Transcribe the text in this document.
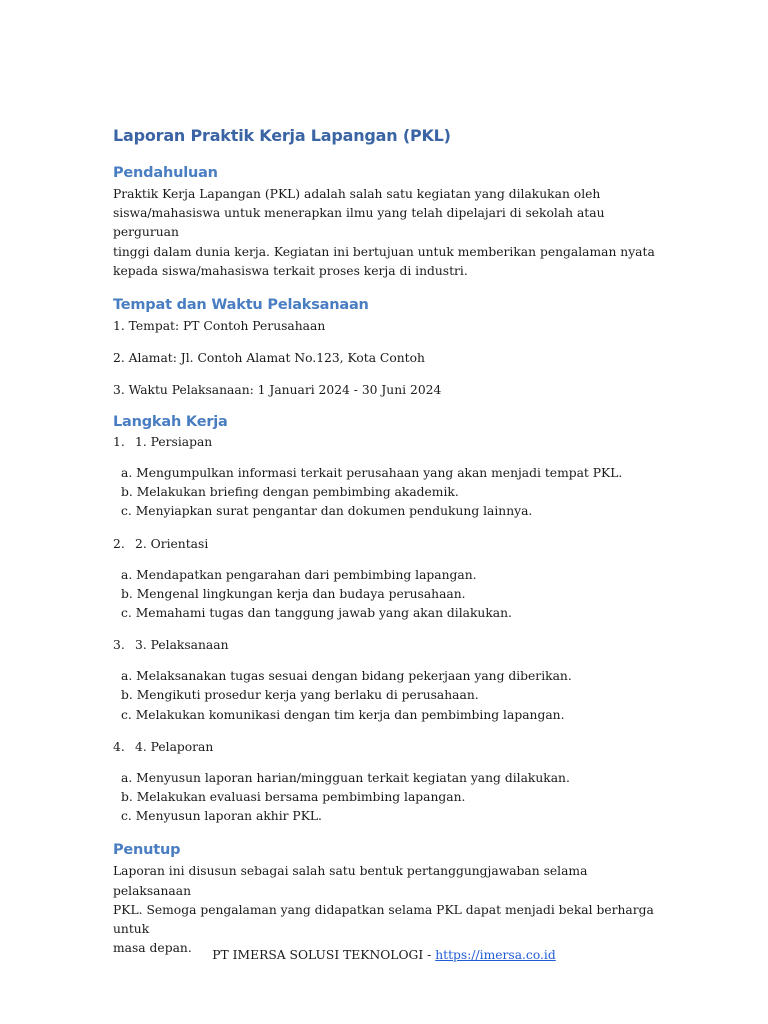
Laporan Praktik Kerja Lapangan (PKL)
Pendahuluan
Praktik Kerja Lapangan (PKL) adalah salah satu kegiatan yang dilakukan oleh
siswa/mahasiswa untuk menerapkan ilmu yang telah dipelajari di sekolah atau perguruan
tinggi dalam dunia kerja. Kegiatan ini bertujuan untuk memberikan pengalaman nyata
kepada siswa/mahasiswa terkait proses kerja di industri.
Tempat dan Waktu Pelaksanaan
1. Tempat: PT Contoh Perusahaan
2. Alamat: Jl. Contoh Alamat No.123, Kota Contoh
3. Waktu Pelaksanaan: 1 Januari 2024 - 30 Juni 2024
Langkah Kerja
1. 1. Persiapan
a. Mengumpulkan informasi terkait perusahaan yang akan menjadi tempat PKL.
b. Melakukan briefing dengan pembimbing akademik.
c. Menyiapkan surat pengantar dan dokumen pendukung lainnya.
2. 2. Orientasi
a. Mendapatkan pengarahan dari pembimbing lapangan.
b. Mengenal lingkungan kerja dan budaya perusahaan.
c. Memahami tugas dan tanggung jawab yang akan dilakukan.
3. 3. Pelaksanaan
a. Melaksanakan tugas sesuai dengan bidang pekerjaan yang diberikan.
b. Mengikuti prosedur kerja yang berlaku di perusahaan.
c. Melakukan komunikasi dengan tim kerja dan pembimbing lapangan.
4. 4. Pelaporan
a. Menyusun laporan harian/mingguan terkait kegiatan yang dilakukan.
b. Melakukan evaluasi bersama pembimbing lapangan.
c. Menyusun laporan akhir PKL.
Penutup
Laporan ini disusun sebagai salah satu bentuk pertanggungjawaban selama pelaksanaan
PKL. Semoga pengalaman yang didapatkan selama PKL dapat menjadi bekal berharga untuk
masa depan.	PT IMERSA SOLUSI TEKNOLOGI - https://imersa.co.id
